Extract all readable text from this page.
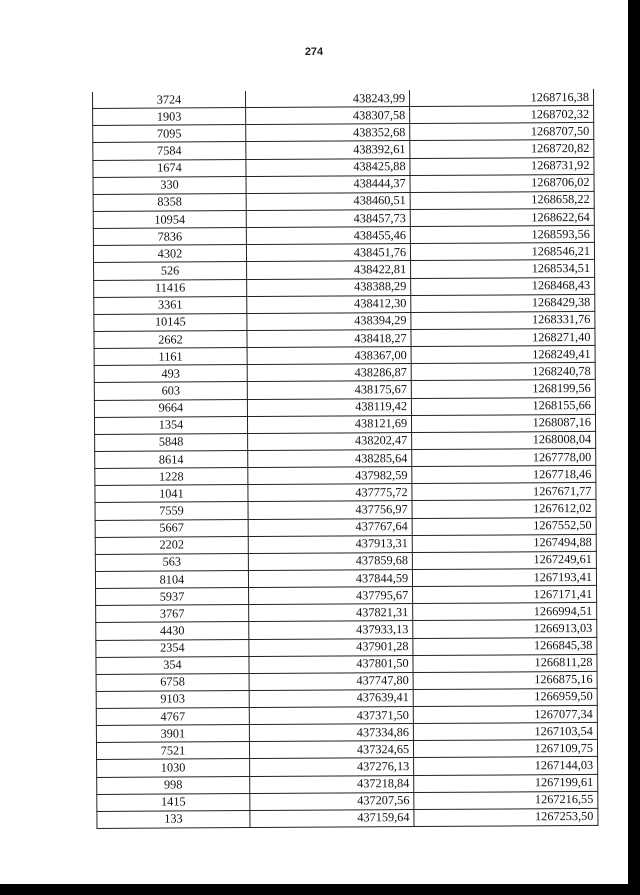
274
3724	438243,99	1268716,38
1903	438307,58	1268702,32
7095	438352,68	1268707,50
7584	438392,61	1268720,82
1674	438425,88	1268731,92
330	438444,37	1268706,02
8358	438460,51	1268658,22
10954	438457,73	1268622,64
7836	438455,46	1268593,56
4302	438451,76	1268546,21
526	438422,81	1268534,51
11416	438388,29	1268468,43
3361	438412,30	1268429,38
10145	438394,29	1268331,76
2662	438418,27	1268271,40
1161	438367,00	1268249,41
493	438286,87	1268240,78
603	438175,67	1268199,56
9664	438119,42	1268155,66
1354	438121,69	1268087,16
5848	438202,47	1268008,04
8614	438285,64	1267778,00
1228	437982,59	1267718,46
1041	437775,72	1267671,77
7559	437756,97	1267612,02
5667	437767,64	1267552,50
2202	437913,31	1267494,88
563	437859,68	1267249,61
8104	437844,59	1267193,41
5937	437795,67	1267171,41
3767	437821,31	1266994,51
4430	437933,13	1266913,03
2354	437901,28	1266845,38
354	437801,50	1266811,28
6758	437747,80	1266875,16
9103	437639,41	1266959,50
4767	437371,50	1267077,34
3901	437334,86	1267103,54
7521	437324,65	1267109,75
1030	437276,13	1267144,03
998	437218,84	1267199,61
1415	437207,56	1267216,55
133	437159,64	1267253,50
